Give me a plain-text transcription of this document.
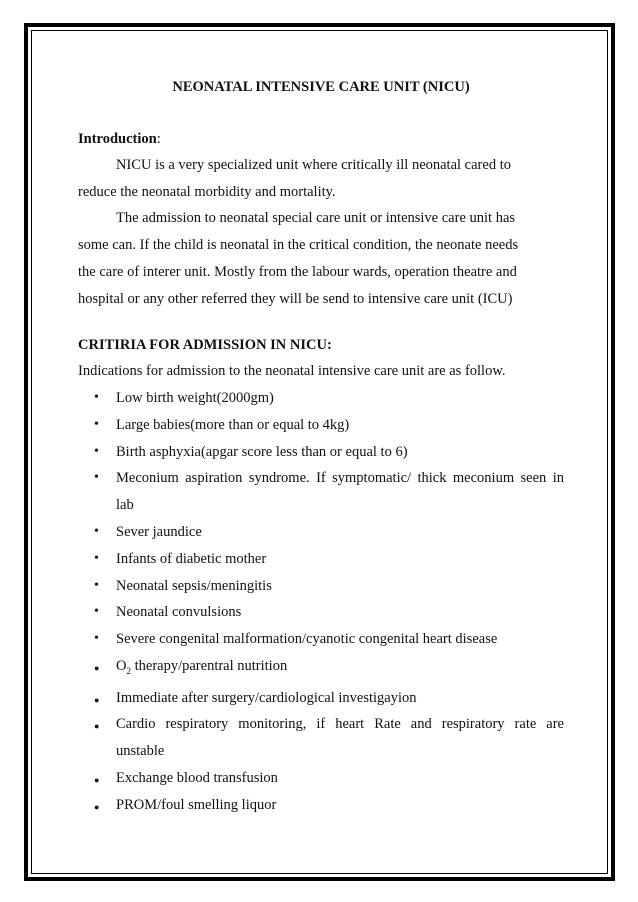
NEONATAL INTENSIVE CARE UNIT (NICU)
Introduction:

NICU is a very specialized unit where critically ill neonatal cared to
reduce the neonatal morbidity and mortality.

The admission to neonatal special care unit or intensive care unit has
some can. If the child is neonatal in the critical condition, the neonate needs
the care of interer unit. Mostly from the labour wards, operation theatre and
hospital or any other referred they will be send to intensive care unit (ICU)

CRITIRIA FOR ADMISSION IN NICU:
Indications for admission to the neonatal intensive care unit are as follow.
• Low birth weight(2000gm)
• Large babies(more than or equal to 4kg)
• Birth asphyxia(apgar score less than or equal to 6)
• Meconium aspiration syndrome. If symptomatic/ thick meconium seen in
lab
• Sever jaundice
• Infants of diabetic mother
• Neonatal sepsis/meningitis
• Neonatal convulsions
• Severe congenital malformation/cyanotic congenital heart disease
● $O_2$ therapy/parentral nutrition
● Immediate after surgery/cardiological investigayion
● Cardio respiratory monitoring, if heart Rate and respiratory rate are
unstable
● Exchange blood transfusion
● PROM/foul smelling liquor
